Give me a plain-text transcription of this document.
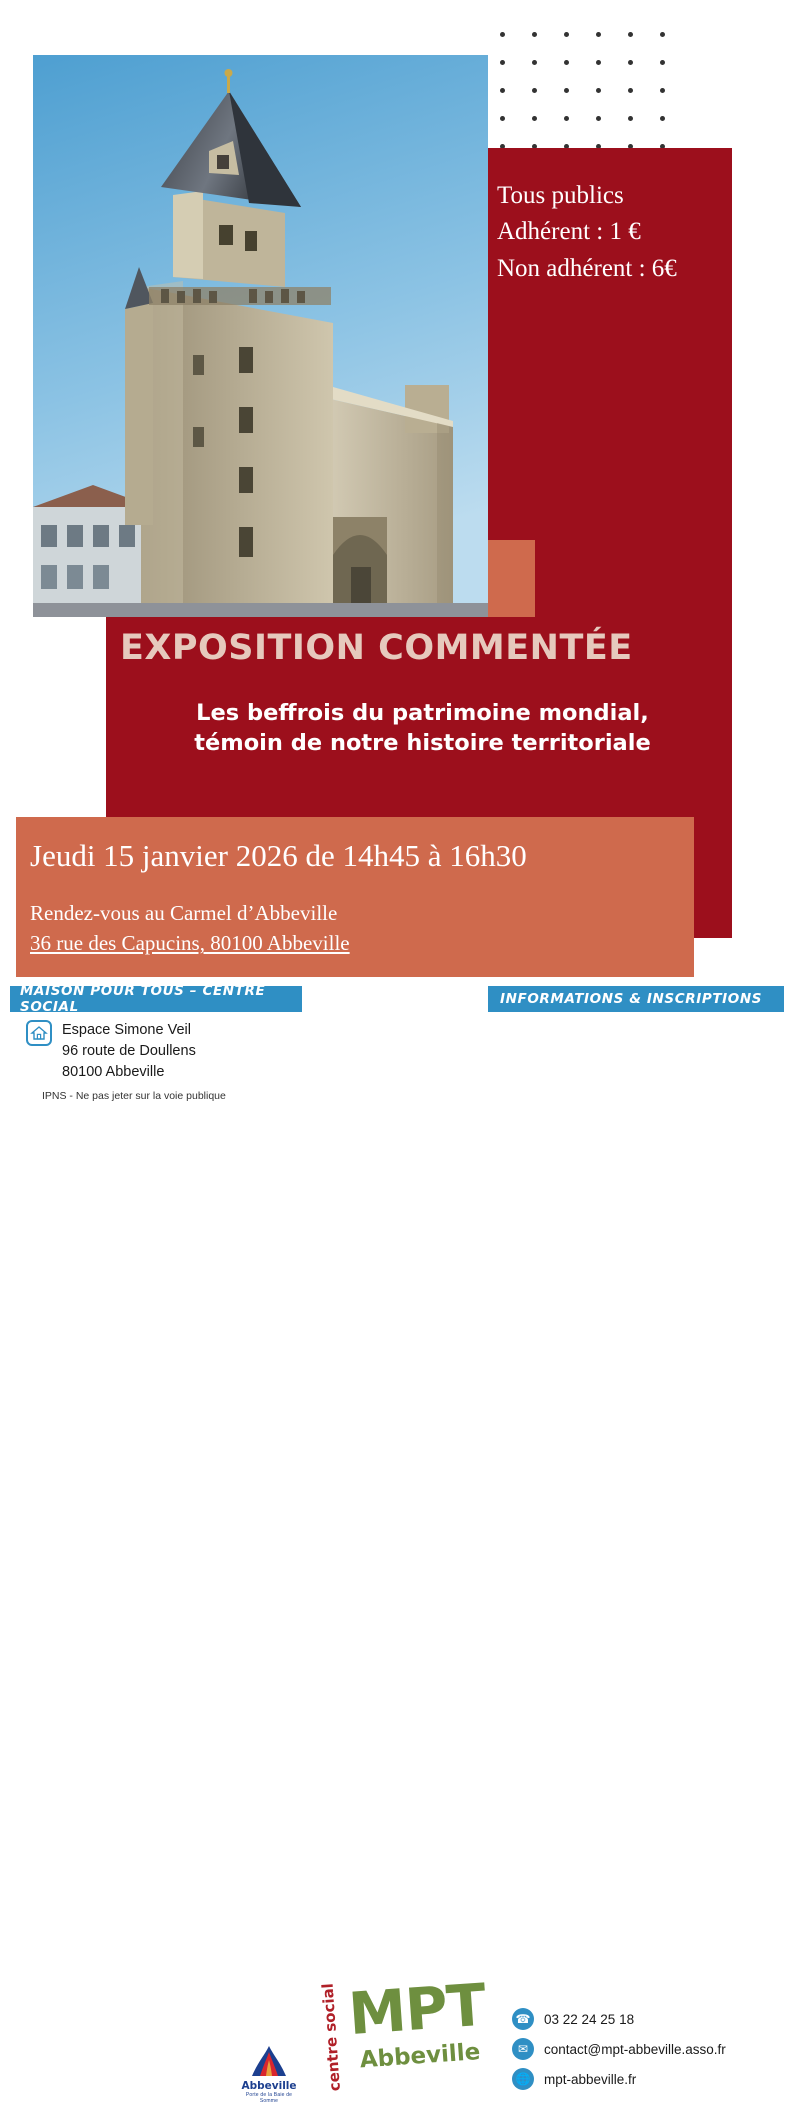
Tous publics
Adhérent : 1 €
Non adhérent : 6€
EXPOSITION COMMENTÉE
Les beffrois du patrimoine mondial,
témoin de notre histoire territoriale
Jeudi 15 janvier 2026 de 14h45 à 16h30
Rendez-vous au Carmel d’Abbeville
36 rue des Capucins, 80100 Abbeville
MAISON POUR TOUS – CENTRE SOCIAL	INFORMATIONS & INSCRIPTIONS
Espace Simone Veil
96 route de Doullens
80100 Abbeville
IPNS - Ne pas jeter sur la voie publique
☎ 03 22 24 25 18
✉	contact@mpt-abbeville.asso.fr
🌐 mpt-abbeville.fr
centre social MPT
Abbeville
Abbeville
Porte de la Baie de Somme
